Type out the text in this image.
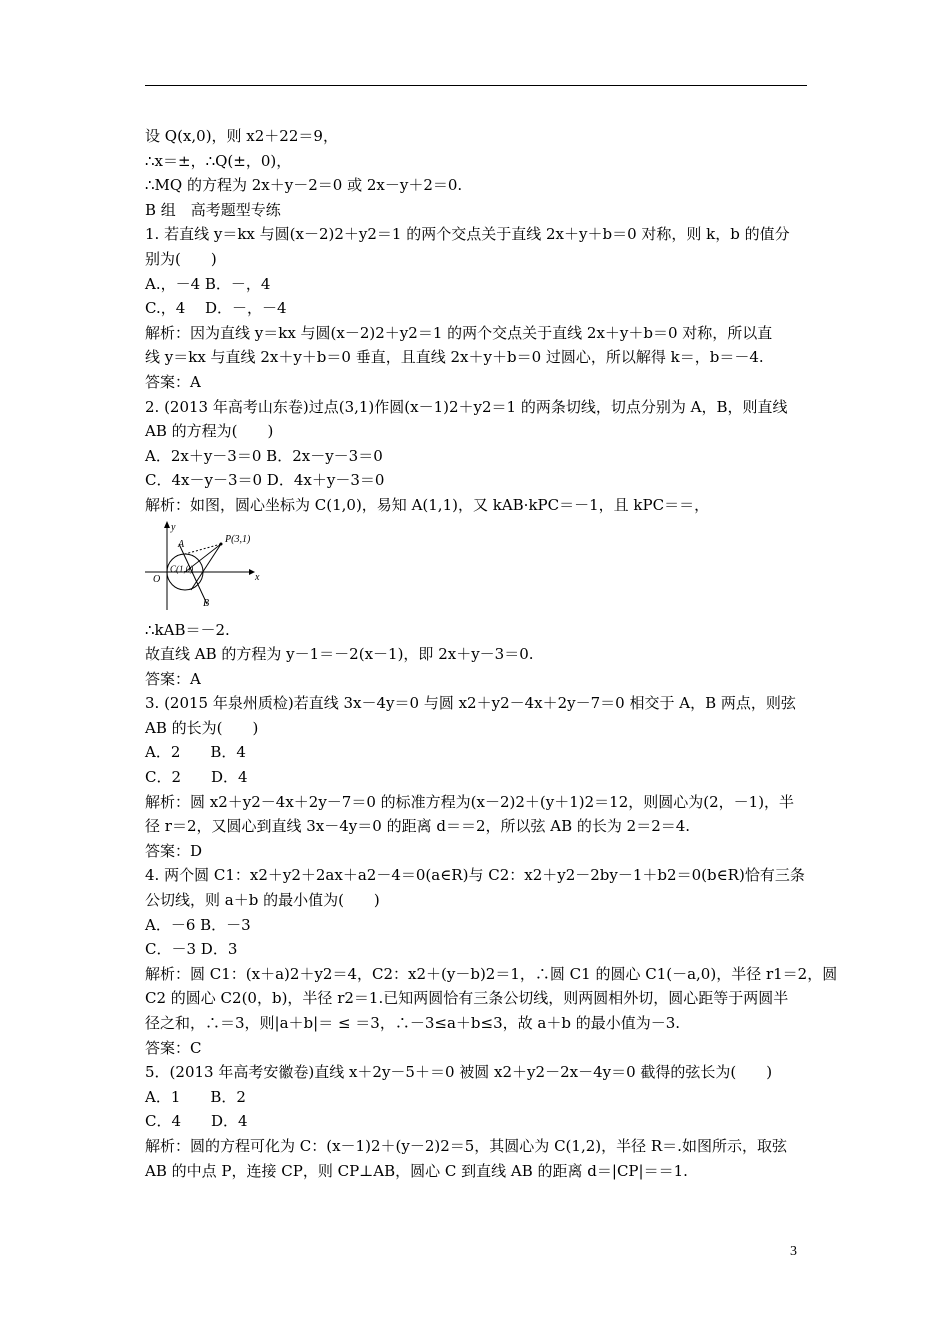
设 Q(x,0)，则 x2＋22＝9，
∴x＝±，∴Q(±，0)，
∴MQ 的方程为 2x＋y－2＝0 或 2x－y＋2＝0.
B 组　高考题型专练
1. 若直线 y＝kx 与圆(x－2)2＋y2＝1 的两个交点关于直线 2x＋y＋b＝0 对称，则 k，b 的值分
别为(　　)
A.，－4 B．－，4
C.，4　 D．－，－4
解析：因为直线 y＝kx 与圆(x－2)2＋y2＝1 的两个交点关于直线 2x＋y＋b＝0 对称，所以直
线 y＝kx 与直线 2x＋y＋b＝0 垂直，且直线 2x＋y＋b＝0 过圆心，所以解得 k＝，b＝－4.
答案：A
2. (2013 年高考山东卷)过点(3,1)作圆(x－1)2＋y2＝1 的两条切线，切点分别为 A，B，则直线
AB 的方程为(　　)
A．2x＋y－3＝0 B．2x－y－3＝0
C．4x－y－3＝0 D．4x＋y－3＝0
解析：如图，圆心坐标为 C(1,0)，易知 A(1,1)，又 kAB·kPC＝－1，且 kPC＝＝，
y
x
O
A
B
C(1,0)
P(3,1)
∴kAB＝－2.
故直线 AB 的方程为 y－1＝－2(x－1)，即 2x＋y－3＝0.
答案：A
3. (2015 年泉州质检)若直线 3x－4y＝0 与圆 x2＋y2－4x＋2y－7＝0 相交于 A，B 两点，则弦
AB 的长为(　　)
A．2　　B．4
C．2　　D．4
解析：圆 x2＋y2－4x＋2y－7＝0 的标准方程为(x－2)2＋(y＋1)2＝12，则圆心为(2，－1)，半
径 r＝2，又圆心到直线 3x－4y＝0 的距离 d＝＝2，所以弦 AB 的长为 2＝2＝4.
答案：D
4. 两个圆 C1：x2＋y2＋2ax＋a2－4＝0(a∈R)与 C2：x2＋y2－2by－1＋b2＝0(b∈R)恰有三条
公切线，则 a＋b 的最小值为(　　)
A．－6 B．－3
C．－3 D．3
解析：圆 C1：(x＋a)2＋y2＝4，C2：x2＋(y－b)2＝1，∴圆 C1 的圆心 C1(－a,0)，半径 r1＝2，圆
C2 的圆心 C2(0，b)，半径 r2＝1.已知两圆恰有三条公切线，则两圆相外切，圆心距等于两圆半
径之和，∴＝3，则|a＋b|＝ ≤ ＝3，∴－3≤a＋b≤3，故 a＋b 的最小值为－3.
答案：C
5．(2013 年高考安徽卷)直线 x＋2y－5＋＝0 被圆 x2＋y2－2x－4y＝0 截得的弦长为(　　)
A．1　　B．2
C．4　　D．4
解析：圆的方程可化为 C：(x－1)2＋(y－2)2＝5，其圆心为 C(1,2)，半径 R＝.如图所示，取弦
AB 的中点 P，连接 CP，则 CP⊥AB，圆心 C 到直线 AB 的距离 d＝|CP|＝＝1.
3
